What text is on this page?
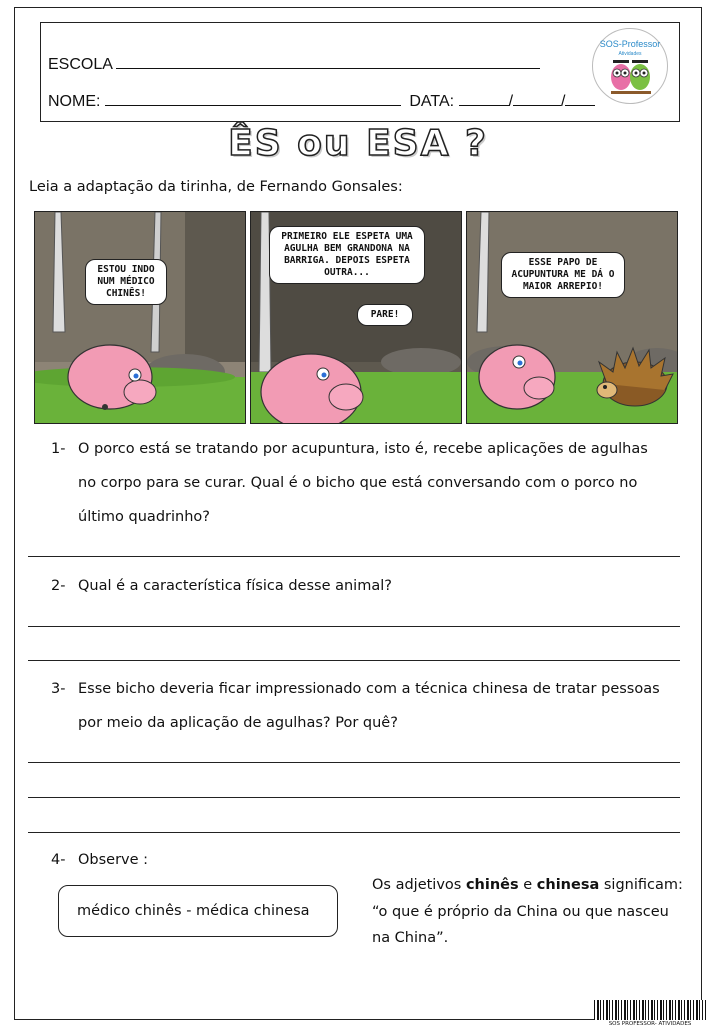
ESCOLA
NOME:	DATA:	/	/
SOS-Professor
Atividades
ÊS ou ESA ?
Leia a adaptação da tirinha, de Fernando Gonsales:
ESTOU INDO NUM MÉDICO CHINÊS!
PRIMEIRO ELE ESPETA UMA AGULHA BEM GRANDONA NA BARRIGA. DEPOIS ESPETA OUTRA...
PARE!
ESSE PAPO DE ACUPUNTURA ME DÁ O MAIOR ARREPIO!
1- O porco está se tratando por acupuntura, isto é, recebe aplicações de agulhas
no corpo para se curar. Qual é o bicho que está conversando com o porco no
último quadrinho?
2- Qual é a característica física desse animal?
3- Esse bicho deveria ficar impressionado com a técnica chinesa de tratar pessoas
por meio da aplicação de agulhas? Por quê?
4- Observe :
médico chinês - médica chinesa
Os adjetivos chinês e chinesa significam:
“o que é próprio da China ou que nasceu
na China”.
SOS PROFESSOR- ATIVIDADES
